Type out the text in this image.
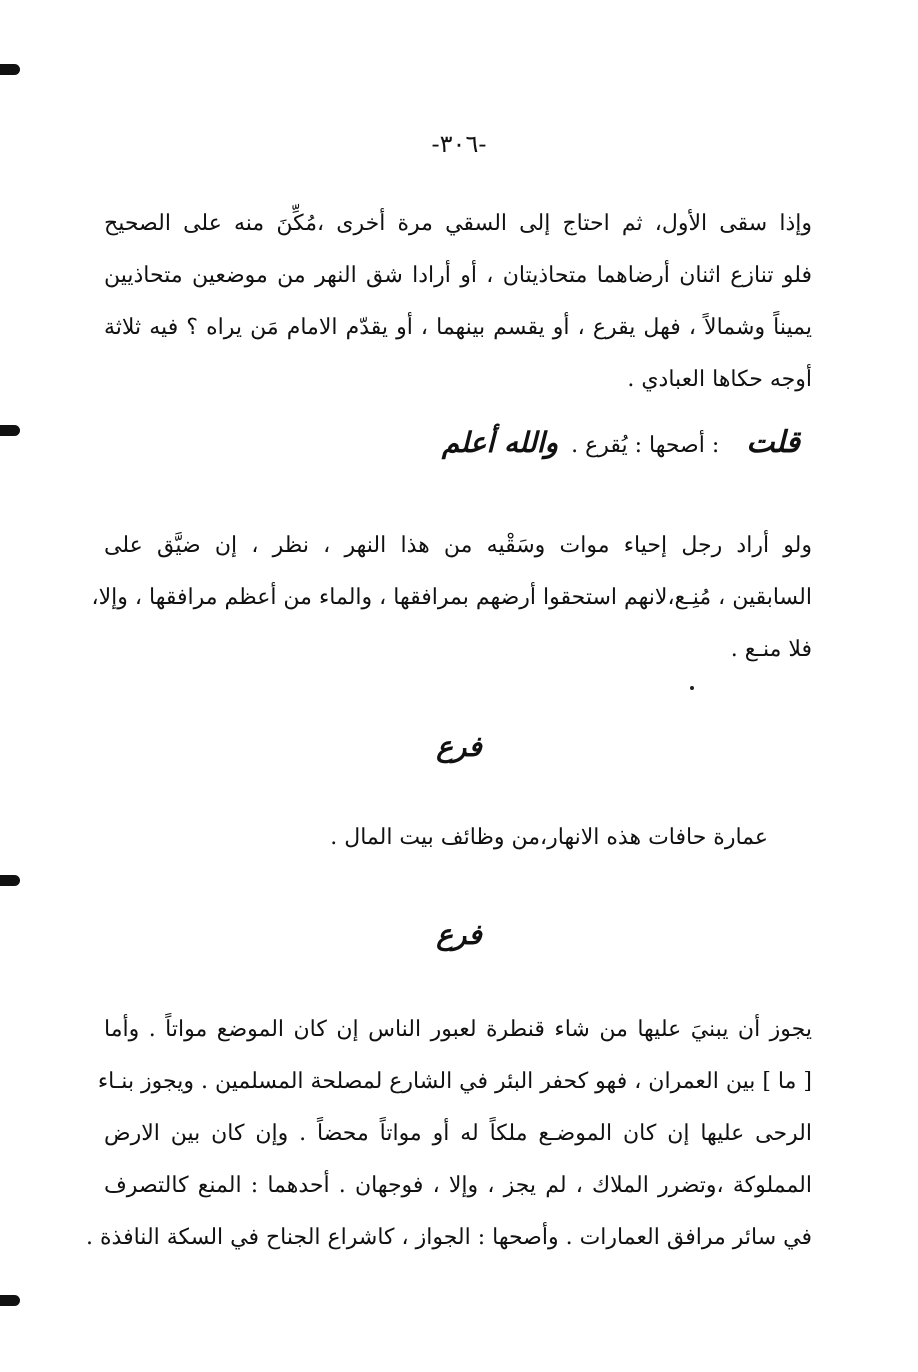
-٣٠٦-
وإذا سقى الأول، ثم احتاج إلى السقي مرة أخرى ،مُكِّنَ منه على الصحيح
فلو تنازع اثنان أرضاهما متحاذيتان ، أو أرادا شق النهر من موضعين متحاذيين
يميناً وشمالاً ، فهل يقرع ، أو يقسم بينهما ، أو يقدّم الامام مَن يراه ؟ فيه ثلاثة
أوجه حكاها العبادي .
قلت : أصحها : يُقرع . والله أعلم
ولو أراد رجل إحياء موات وسَقْيه من هذا النهر ، نظر ، إن ضيَّق على
السابقين ، مُنِـع،لانهم استحقوا أرضهم بمرافقها ، والماء من أعظم مرافقها ، وإلا،
فلا منـع .
فرع
عمارة حافات هذه الانهار،من وظائف بيت المال .
فرع
يجوز أن يبنيَ عليها من شاء قنطرة لعبور الناس إن كان الموضع مواتاً . وأما
[ ما ] بين العمران ، فهو كحفر البئر في الشارع لمصلحة المسلمين . ويجوز بنـاء
الرحى عليها إن كان الموضـع ملكاً له أو مواتاً محضاً . وإن كان بين الارض
المملوكة ،وتضرر الملاك ، لم يجز ، وإلا ، فوجهان . أحدهما : المنع كالتصرف
في سائر مرافق العمارات . وأصحها : الجواز ، كاشراع الجناح في السكة النافذة .
